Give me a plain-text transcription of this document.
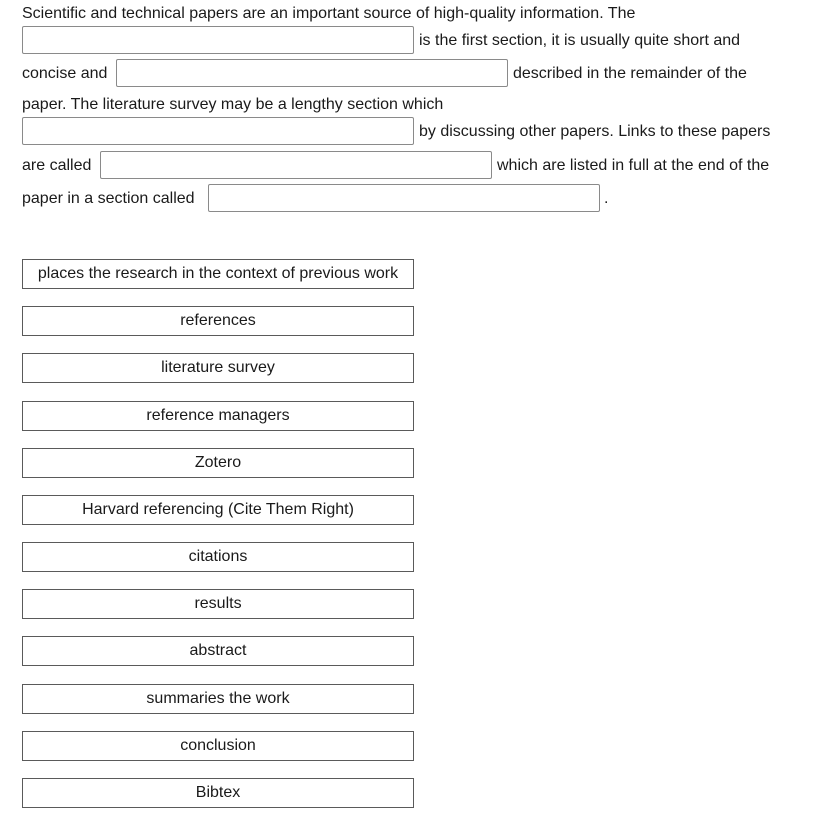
Scientific and technical papers are an important source of high-quality information. The
is the first section, it is usually quite short and
concise and	described in the remainder of the
paper. The literature survey may be a lengthy section which
by discussing other papers. Links to these papers
are called	which are listed in full at the end of the
paper in a section called	.
places the research in the context of previous work
references
literature survey
reference managers
Zotero
Harvard referencing (Cite Them Right)
citations
results
abstract
summaries the work
conclusion
Bibtex
